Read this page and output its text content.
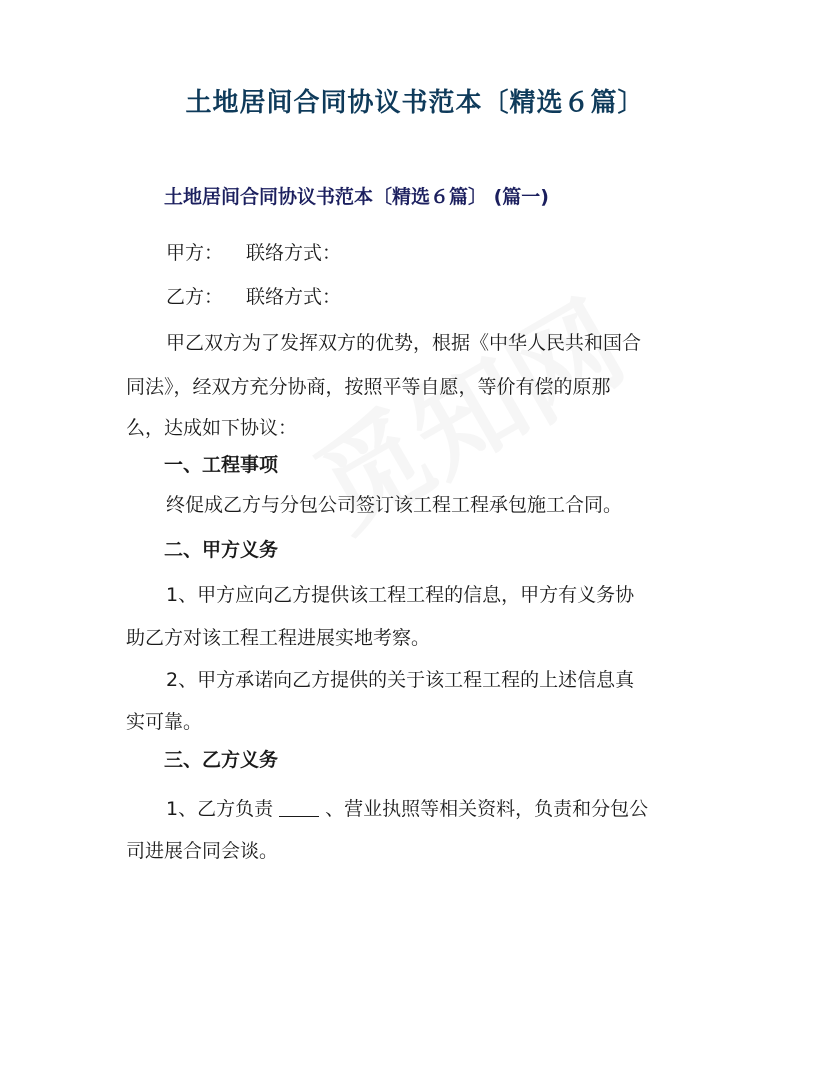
土地居间合同协议书范本〔精选６篇〕
土地居间合同协议书范本〔精选６篇〕 (篇一)
甲方： 联络方式：
乙方： 联络方式：
甲乙双方为了发挥双方的优势，根据《中华人民共和国合
同法》，经双方充分协商，按照平等自愿，等价有偿的原那
么，达成如下协议：
一、工程事项
终促成乙方与分包公司签订该工程工程承包施工合同。
二、甲方义务
1、甲方应向乙方提供该工程工程的信息，甲方有义务协
助乙方对该工程工程进展实地考察。
2、甲方承诺向乙方提供的关于该工程工程的上述信息真
实可靠。
三、乙方义务
1、乙方负责	、营业执照等相关资料，负责和分包公
司进展合同会谈。
